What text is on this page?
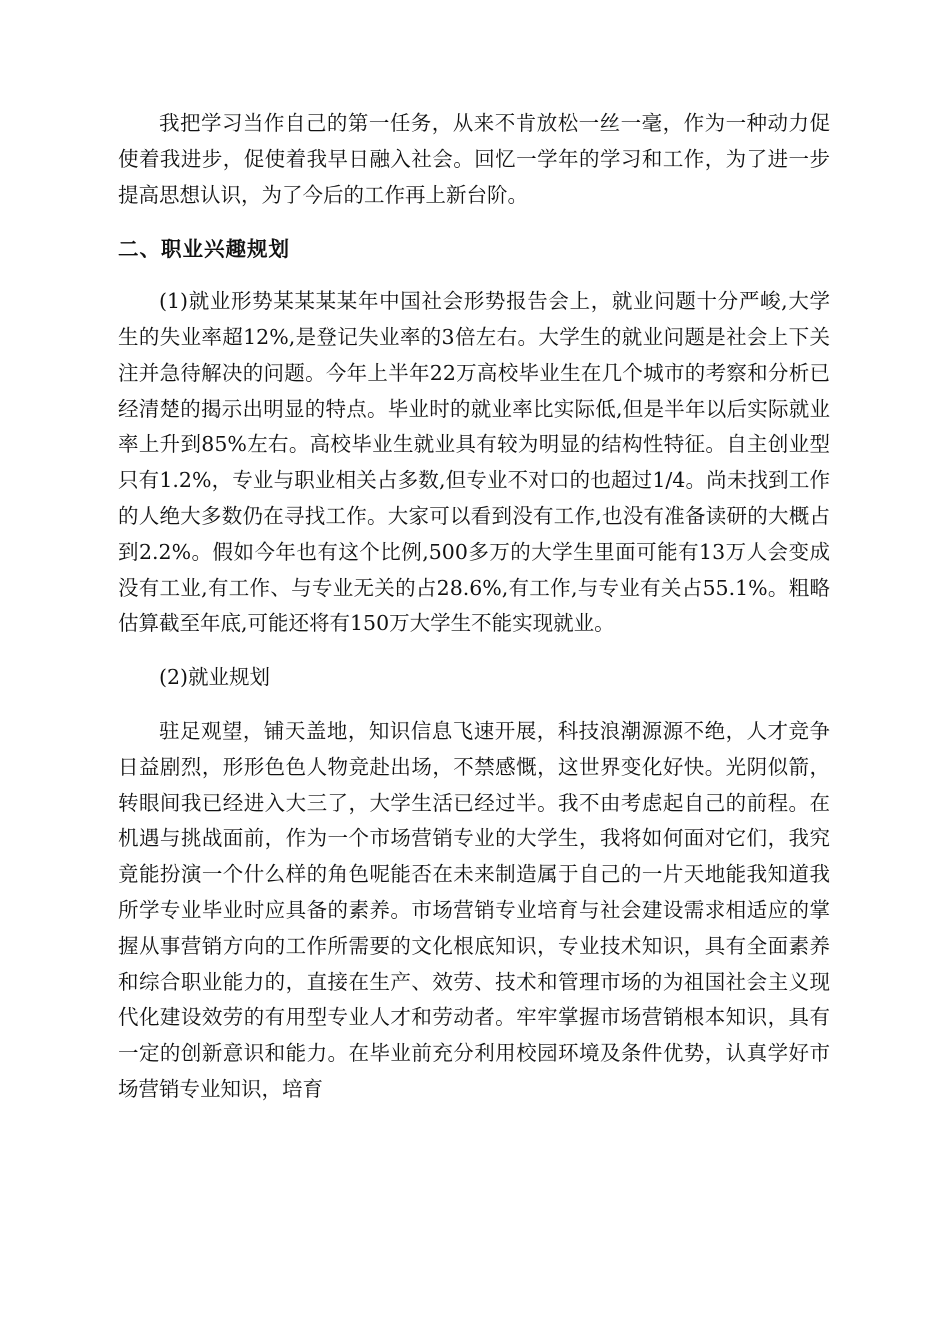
我把学习当作自己的第一任务，从来不肯放松一丝一毫，作为一种动力促使着我进步，促使着我早日融入社会。回忆一学年的学习和工作，为了进一步提高思想认识，为了今后的工作再上新台阶。

二、职业兴趣规划

(1)就业形势某某某某年中国社会形势报告会上，就业问题十分严峻,大学生的失业率超12%,是登记失业率的3倍左右。大学生的就业问题是社会上下关注并急待解决的问题。今年上半年22万高校毕业生在几个城市的考察和分析已经清楚的揭示出明显的特点。毕业时的就业率比实际低,但是半年以后实际就业率上升到85%左右。高校毕业生就业具有较为明显的结构性特征。自主创业型只有1.2%，专业与职业相关占多数,但专业不对口的也超过1/4。尚未找到工作的人绝大多数仍在寻找工作。大家可以看到没有工作,也没有准备读研的大概占到2.2%。假如今年也有这个比例,500多万的大学生里面可能有13万人会变成没有工业,有工作、与专业无关的占28.6%,有工作,与专业有关占55.1%。粗略估算截至年底,可能还将有150万大学生不能实现就业。

(2)就业规划

驻足观望，铺天盖地，知识信息飞速开展，科技浪潮源源不绝，人才竞争日益剧烈，形形色色人物竞赴出场，不禁感慨，这世界变化好快。光阴似箭，转眼间我已经进入大三了，大学生活已经过半。我不由考虑起自己的前程。在机遇与挑战面前，作为一个市场营销专业的大学生，我将如何面对它们，我究竟能扮演一个什么样的角色呢能否在未来制造属于自己的一片天地能我知道我所学专业毕业时应具备的素养。市场营销专业培育与社会建设需求相适应的掌握从事营销方向的工作所需要的文化根底知识，专业技术知识，具有全面素养和综合职业能力的，直接在生产、效劳、技术和管理市场的为祖国社会主义现代化建设效劳的有用型专业人才和劳动者。牢牢掌握市场营销根本知识，具有一定的创新意识和能力。在毕业前充分利用校园环境及条件优势，认真学好市场营销专业知识，培育
